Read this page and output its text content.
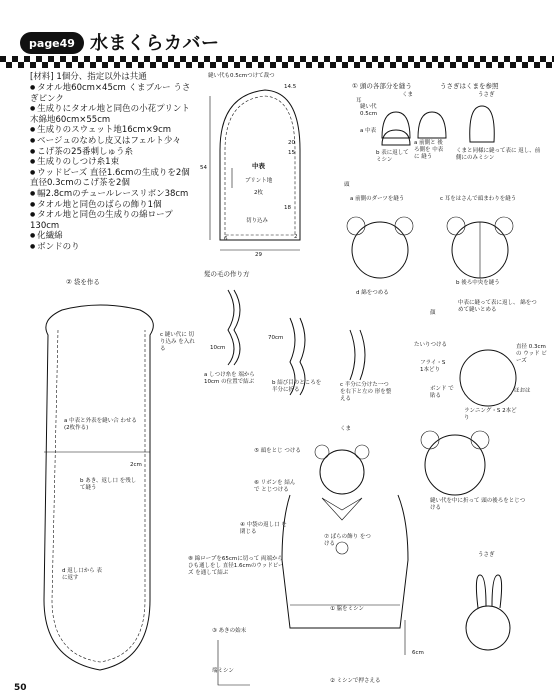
page49 水まくらカバー
[材料] 1個分、指定以外は共通
● タオル地60cm×45cm くまブルー うさぎピンク
● 生成りにタオル地と同色の小花プリント木綿地60cm×55cm
● 生成りのスウェット地16cm×9cm
● ベージュのなめし皮又はフェルト少々
● こげ茶の25番刺しゅう糸
● 生成りのしつけ糸1束
● ウッドビーズ 直径1.6cmの生成りを2個 直径0.3cmのこげ茶を2個
● 幅2.8cmのチュールレースリボン38cm
● タオル地と同色のばらの飾り1個
● タオル地と同色の生成りの綿ロープ130cm
● 化繊綿
● ボンドのり
縫い代も0.5cmつけて裁つ
14.5
20
15
18
2
6
29
54	中表
プリント地
2枚
切り込み
髪の毛の作り方
a しつけ糸を 端から10cm の位置で結ぶ	b 結び目のところを 半分に折る
c 半分に分けた一つ を右下と左の 形を整える
10cm
70cm
① 頭の各部分を縫う	うさぎはくまを参照
耳
くま	うさぎ
縫い代 0.5cm
a 中表
b 表に返して ミシン
a 前側と 後ろ側を 中表に 縫う
くまと同様に縫って表に 返し、前側にのみミシン
頭
a 前側のダーツを縫う	c 耳をはさんで頭まわりを縫う
b 後ろ中央を縫う
d 綿をつめる
② 袋を作る
c 縫い代に 切り込み を入れる
a 中表と外表を縫い合 わせる (2枚作る)
b あき、返し口 を残して縫う
d 返し口から 表に返す
2cm
顔
中表に縫って表に返し、 綿をつめて縫いとめる
たいりつける
フライ・S 1本どり
ボンド で貼る
直径 0.3cmの ウッド ビーズ
ほおは
ランニング・S 2本どり
縫い代を中に折って 頭の後ろをとじつける
くま
うさぎ
⑤ 頭をとじ つける
⑥ リボンを 結んで とじつける
④ 中袋の返し口 を閉じる
⑦ ばらの飾り をつける
⑧ 綿ロープを65cmに切って 両端からひも通しをし 直径1.6cmのウッドビーズ を通して結ぶ
① 脇をミシン
③ あきの始末
② ミシンで押さえる
6cm
端ミシン
50
